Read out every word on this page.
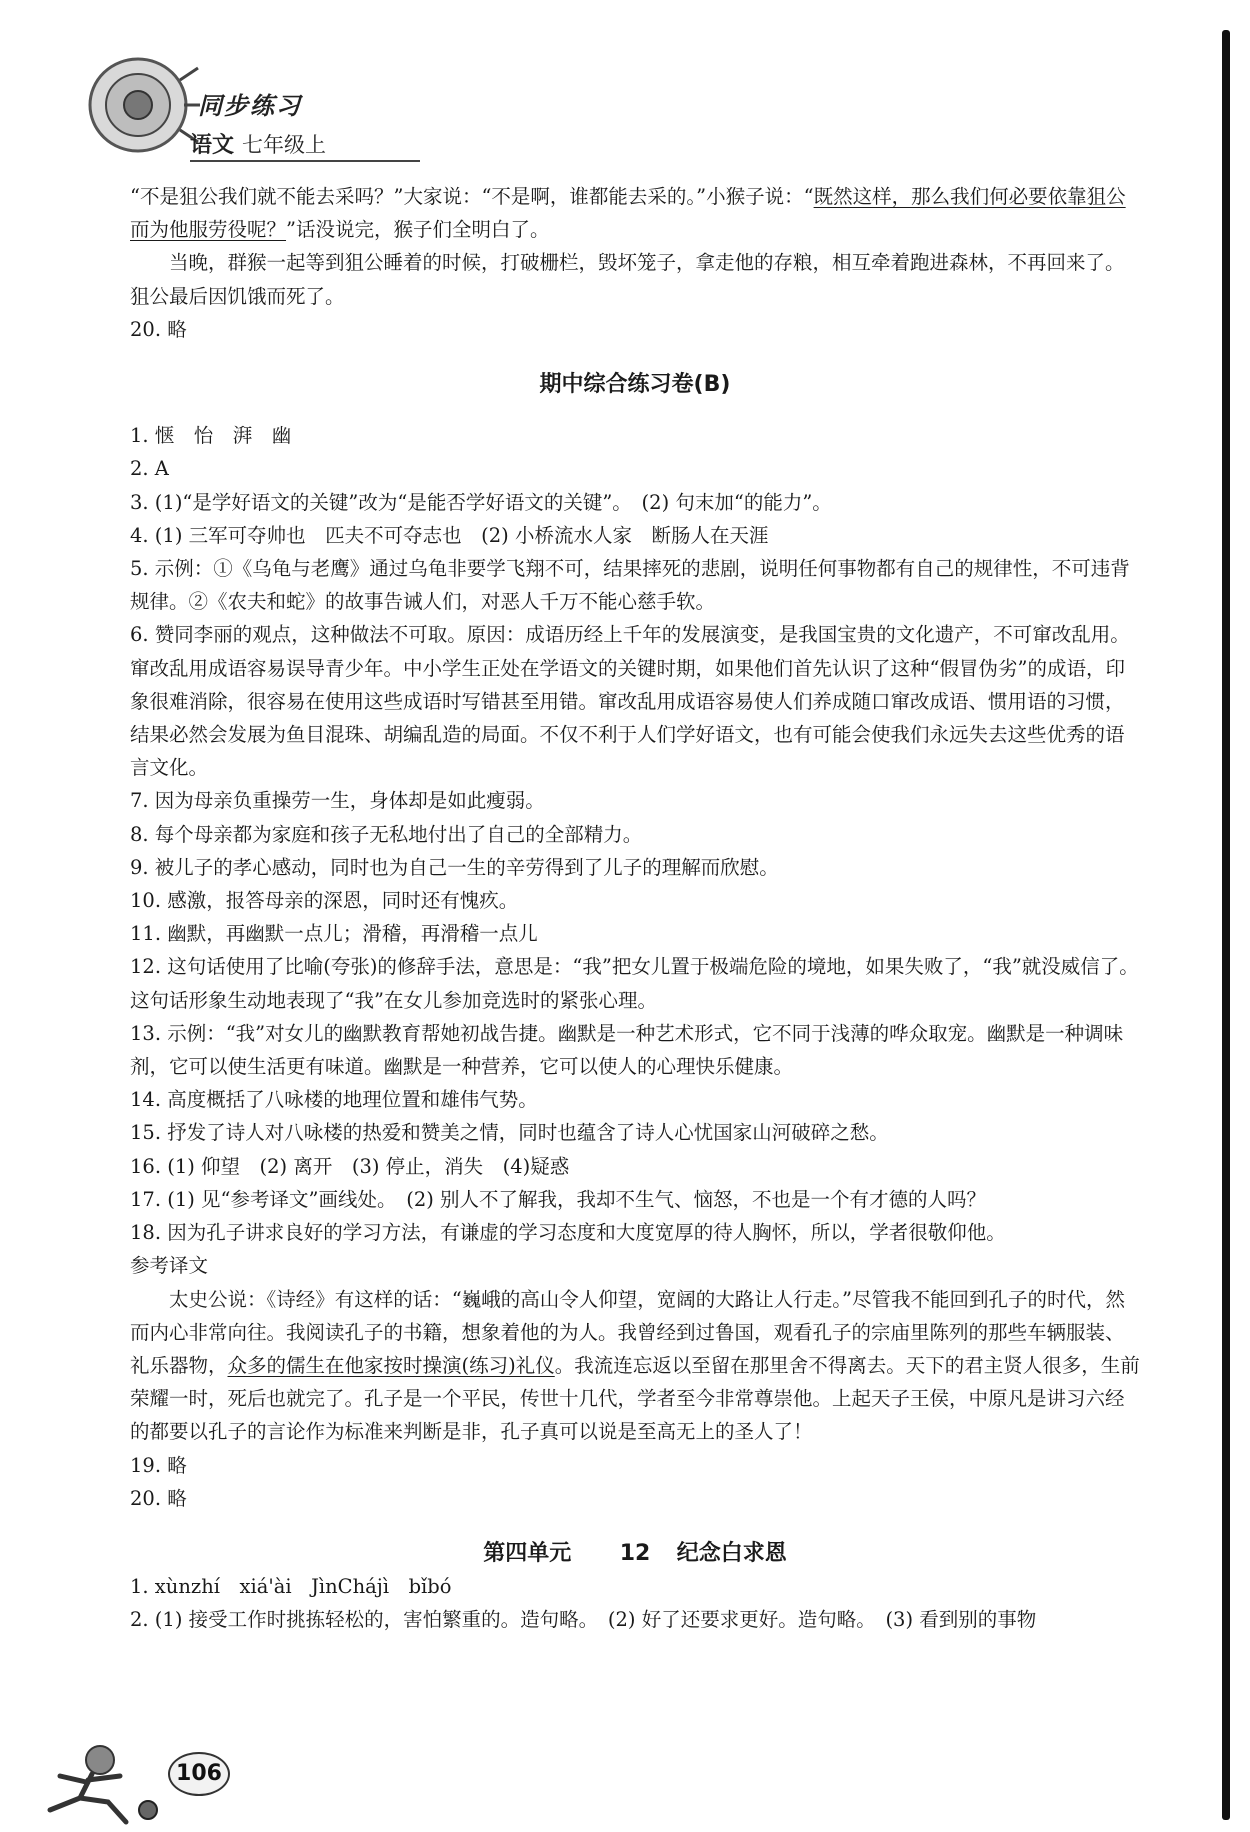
同步练习
语文 七年级上

“不是狙公我们就不能去采吗？”大家说：“不是啊，谁都能去采的。”小猴子说：“既然这样，那么我们何必要依靠狙公而为他服劳役呢？”话没说完，猴子们全明白了。

当晚，群猴一起等到狙公睡着的时候，打破栅栏，毁坏笼子，拿走他的存粮，相互牵着跑进森林，不再回来了。狙公最后因饥饿而死了。

20. 略

期中综合练习卷(B)

1. 惬　怡　湃　幽

2. A

3. (1)“是学好语文的关键”改为“是能否学好语文的关键”。　(2) 句末加“的能力”。

4. (1) 三军可夺帅也　匹夫不可夺志也　(2) 小桥流水人家　断肠人在天涯

5. 示例：①《乌龟与老鹰》通过乌龟非要学飞翔不可，结果摔死的悲剧，说明任何事物都有自己的规律性，不可违背规律。②《农夫和蛇》的故事告诫人们，对恶人千万不能心慈手软。

6. 赞同李丽的观点，这种做法不可取。原因：成语历经上千年的发展演变，是我国宝贵的文化遗产，不可窜改乱用。窜改乱用成语容易误导青少年。中小学生正处在学语文的关键时期，如果他们首先认识了这种“假冒伪劣”的成语，印象很难消除，很容易在使用这些成语时写错甚至用错。窜改乱用成语容易使人们养成随口窜改成语、惯用语的习惯，结果必然会发展为鱼目混珠、胡编乱造的局面。不仅不利于人们学好语文，也有可能会使我们永远失去这些优秀的语言文化。

7. 因为母亲负重操劳一生，身体却是如此瘦弱。

8. 每个母亲都为家庭和孩子无私地付出了自己的全部精力。

9. 被儿子的孝心感动，同时也为自己一生的辛劳得到了儿子的理解而欣慰。

10. 感激，报答母亲的深恩，同时还有愧疚。

11. 幽默，再幽默一点儿；滑稽，再滑稽一点儿

12. 这句话使用了比喻(夸张)的修辞手法，意思是：“我”把女儿置于极端危险的境地，如果失败了，“我”就没威信了。这句话形象生动地表现了“我”在女儿参加竞选时的紧张心理。

13. 示例：“我”对女儿的幽默教育帮她初战告捷。幽默是一种艺术形式，它不同于浅薄的哗众取宠。幽默是一种调味剂，它可以使生活更有味道。幽默是一种营养，它可以使人的心理快乐健康。

14. 高度概括了八咏楼的地理位置和雄伟气势。

15. 抒发了诗人对八咏楼的热爱和赞美之情，同时也蕴含了诗人心忧国家山河破碎之愁。

16. (1) 仰望　(2) 离开　(3) 停止，消失　(4)疑惑

17. (1) 见“参考译文”画线处。　(2) 别人不了解我，我却不生气、恼怒，不也是一个有才德的人吗？

18. 因为孔子讲求良好的学习方法，有谦虚的学习态度和大度宽厚的待人胸怀，所以，学者很敬仰他。

参考译文

太史公说：《诗经》有这样的话：“巍峨的高山令人仰望，宽阔的大路让人行走。”尽管我不能回到孔子的时代，然而内心非常向往。我阅读孔子的书籍，想象着他的为人。我曾经到过鲁国，观看孔子的宗庙里陈列的那些车辆服装、礼乐器物，众多的儒生在他家按时操演(练习)礼仪。我流连忘返以至留在那里舍不得离去。天下的君主贤人很多，生前荣耀一时，死后也就完了。孔子是一个平民，传世十几代，学者至今非常尊崇他。上起天子王侯，中原凡是讲习六经的都要以孔子的言论作为标准来判断是非，孔子真可以说是至高无上的圣人了！

19. 略

20. 略

第四单元 12 纪念白求恩

1. xùnzhí　xiá'ài　JìnChájì　bǐbó

2. (1) 接受工作时挑拣轻松的，害怕繁重的。造句略。　(2) 好了还要求更好。造句略。　(3) 看到别的事物

106
